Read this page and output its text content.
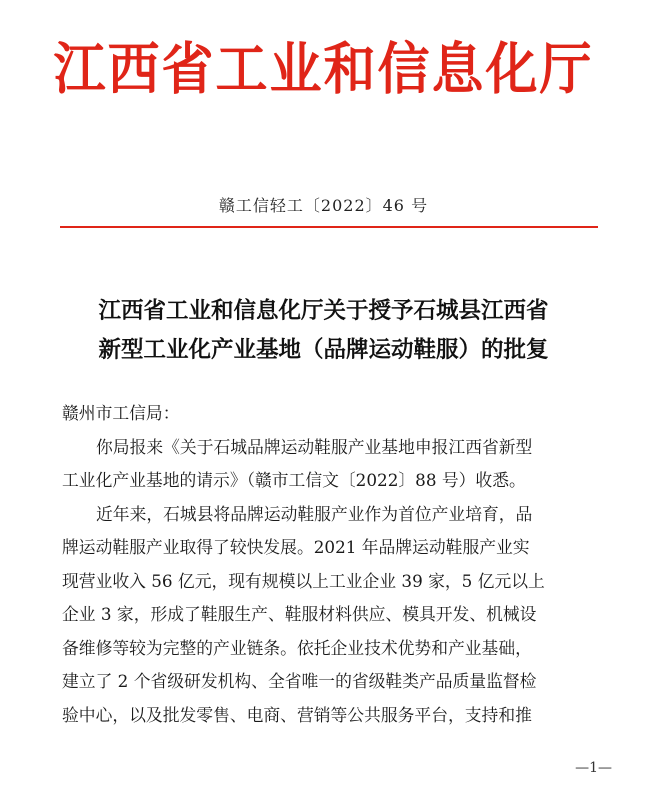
江西省工业和信息化厅
赣工信轻工〔2022〕46 号
江西省工业和信息化厅关于授予石城县江西省
新型工业化产业基地（品牌运动鞋服）的批复

赣州市工信局：

你局报来《关于石城品牌运动鞋服产业基地申报江西省新型

工业化产业基地的请示》（赣市工信文〔2022〕88 号）收悉。

近年来，石城县将品牌运动鞋服产业作为首位产业培育，品

牌运动鞋服产业取得了较快发展。2021 年品牌运动鞋服产业实

现营业收入 56 亿元，现有规模以上工业企业 39 家，5 亿元以上

企业 3 家，形成了鞋服生产、鞋服材料供应、模具开发、机械设

备维修等较为完整的产业链条。依托企业技术优势和产业基础，

建立了 2 个省级研发机构、全省唯一的省级鞋类产品质量监督检

验中心，以及批发零售、电商、营销等公共服务平台，支持和推

—1—
